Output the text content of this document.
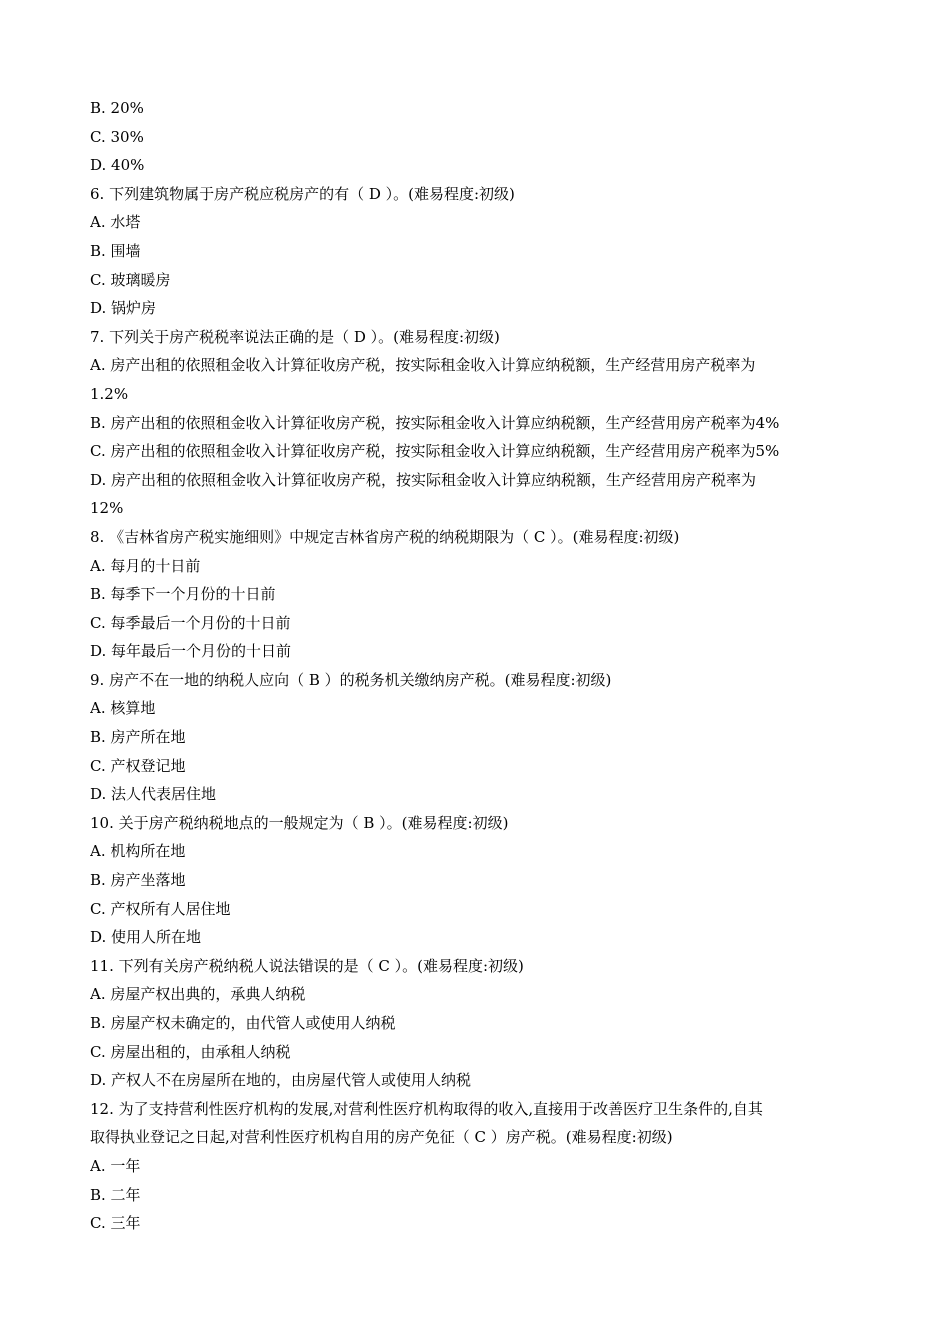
B. 20%
C. 30%
D. 40%
6. 下列建筑物属于房产税应税房产的有（ D ）。(难易程度:初级)
A. 水塔
B. 围墙
C. 玻璃暖房
D. 锅炉房
7. 下列关于房产税税率说法正确的是（ D ）。(难易程度:初级)
A. 房产出租的依照租金收入计算征收房产税，按实际租金收入计算应纳税额，生产经营用房产税率为
1.2%
B. 房产出租的依照租金收入计算征收房产税，按实际租金收入计算应纳税额，生产经营用房产税率为4%
C. 房产出租的依照租金收入计算征收房产税，按实际租金收入计算应纳税额，生产经营用房产税率为5%
D. 房产出租的依照租金收入计算征收房产税，按实际租金收入计算应纳税额，生产经营用房产税率为
12%
8. 《吉林省房产税实施细则》中规定吉林省房产税的纳税期限为（ C ）。(难易程度:初级)
A. 每月的十日前
B. 每季下一个月份的十日前
C. 每季最后一个月份的十日前
D. 每年最后一个月份的十日前
9. 房产不在一地的纳税人应向（ B ）的税务机关缴纳房产税。(难易程度:初级)
A. 核算地
B. 房产所在地
C. 产权登记地
D. 法人代表居住地
10. 关于房产税纳税地点的一般规定为（ B ）。(难易程度:初级)
A. 机构所在地
B. 房产坐落地
C. 产权所有人居住地
D. 使用人所在地
11. 下列有关房产税纳税人说法错误的是（ C ）。(难易程度:初级)
A. 房屋产权出典的，承典人纳税
B. 房屋产权未确定的，由代管人或使用人纳税
C. 房屋出租的，由承租人纳税
D. 产权人不在房屋所在地的，由房屋代管人或使用人纳税
12. 为了支持营利性医疗机构的发展,对营利性医疗机构取得的收入,直接用于改善医疗卫生条件的,自其
取得执业登记之日起,对营利性医疗机构自用的房产免征（ C ）房产税。(难易程度:初级)
A. 一年
B. 二年
C. 三年
